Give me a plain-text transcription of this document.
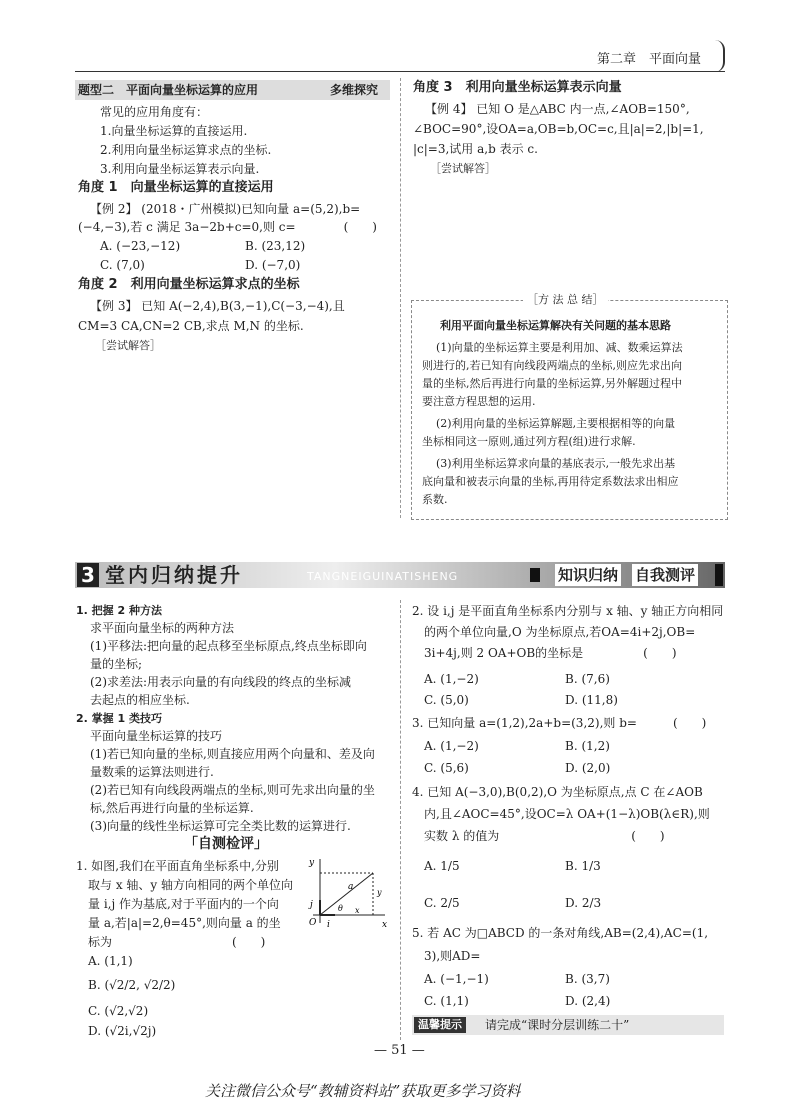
第二章　平面向量
题型二　平面向量坐标运算的应用	多维探究
常见的应用角度有：
1.向量坐标运算的直接运用.
2.利用向量坐标运算求点的坐标.
3.利用向量坐标运算表示向量.
角度 1　向量坐标运算的直接运用
【例 2】 (2018・广州模拟)已知向量 a=(5,2),b=
(−4,−3),若 c 满足 3a−2b+c=0,则 c=　　　　(　　)
A. (−23,−12)	B. (23,12)
C. (7,0)	D. (−7,0)
角度 2　利用向量坐标运算求点的坐标
【例 3】 已知 A(−2,4),B(3,−1),C(−3,−4),且
CM=3 CA,CN=2 CB,求点 M,N 的坐标.
［尝试解答］
角度 3　利用向量坐标运算表示向量
【例 4】 已知 O 是△ABC 内一点,∠AOB=150°,
∠BOC=90°,设OA=a,OB=b,OC=c,且|a|=2,|b|=1,
|c|=3,试用 a,b 表示 c.
［尝试解答］
［方 法 总 结］
利用平面向量坐标运算解决有关问题的基本思路
(1)向量的坐标运算主要是利用加、减、数乘运算法
则进行的,若已知有向线段两端点的坐标,则应先求出向
量的坐标,然后再进行向量的坐标运算,另外解题过程中
要注意方程思想的运用.
(2)利用向量的坐标运算解题,主要根据相等的向量
坐标相同这一原则,通过列方程(组)进行求解.
(3)利用坐标运算求向量的基底表示,一般先求出基
底向量和被表示向量的坐标,再用待定系数法求出相应
系数.
3 堂内归纳提升	TANGNEIGUINATISHENG	知识归纳 自我测评
1. 把握 2 种方法
求平面向量坐标的两种方法
(1)平移法:把向量的起点移至坐标原点,终点坐标即向
量的坐标;
(2)求差法:用表示向量的有向线段的终点的坐标减
去起点的相应坐标.
2. 掌握 1 类技巧
平面向量坐标运算的技巧
(1)若已知向量的坐标,则直接应用两个向量和、差及向
量数乘的运算法则进行.
(2)若已知有向线段两端点的坐标,则可先求出向量的坐
标,然后再进行向量的坐标运算.
(3)向量的线性坐标运算可完全类比数的运算进行.
「自测检评」
1. 如图,我们在平面直角坐标系中,分别
取与 x 轴、y 轴方向相同的两个单位向
量 i,j 作为基底,对于平面内的一个向
量 a,若|a|=2,θ=45°,则向量 a 的坐
标为　　　　　　　　　　(　　)
A. (1,1)
B. (√2/2, √2/2)
C. (√2,√2)
D. (√2i,√2j)
y
x
O i
j
a
θ
y
x
2. 设 i,j 是平面直角坐标系内分别与 x 轴、y 轴正方向相同
的两个单位向量,O 为坐标原点,若OA=4i+2j,OB=
3i+4j,则 2 OA+OB的坐标是　　　　　(　　)
A. (1,−2)	B. (7,6)
C. (5,0)	D. (11,8)
3. 已知向量 a=(1,2),2a+b=(3,2),则 b=　　　(　　)
A. (1,−2)	B. (1,2)
C. (5,6)	D. (2,0)
4. 已知 A(−3,0),B(0,2),O 为坐标原点,点 C 在∠AOB
内,且∠AOC=45°,设OC=λ OA+(1−λ)OB(λ∈R),则
实数 λ 的值为　　　　　　　　　　　(　　)
A. 1/5	B. 1/3
C. 2/5	D. 2/3
5. 若 AC 为□ABCD 的一条对角线,AB=(2,4),AC=(1,
3),则AD=
A. (−1,−1)	B. (3,7)
C. (1,1)	D. (2,4)
温馨提示	请完成“课时分层训练二十”
— 51 —
关注微信公众号“教辅资料站”获取更多学习资料
